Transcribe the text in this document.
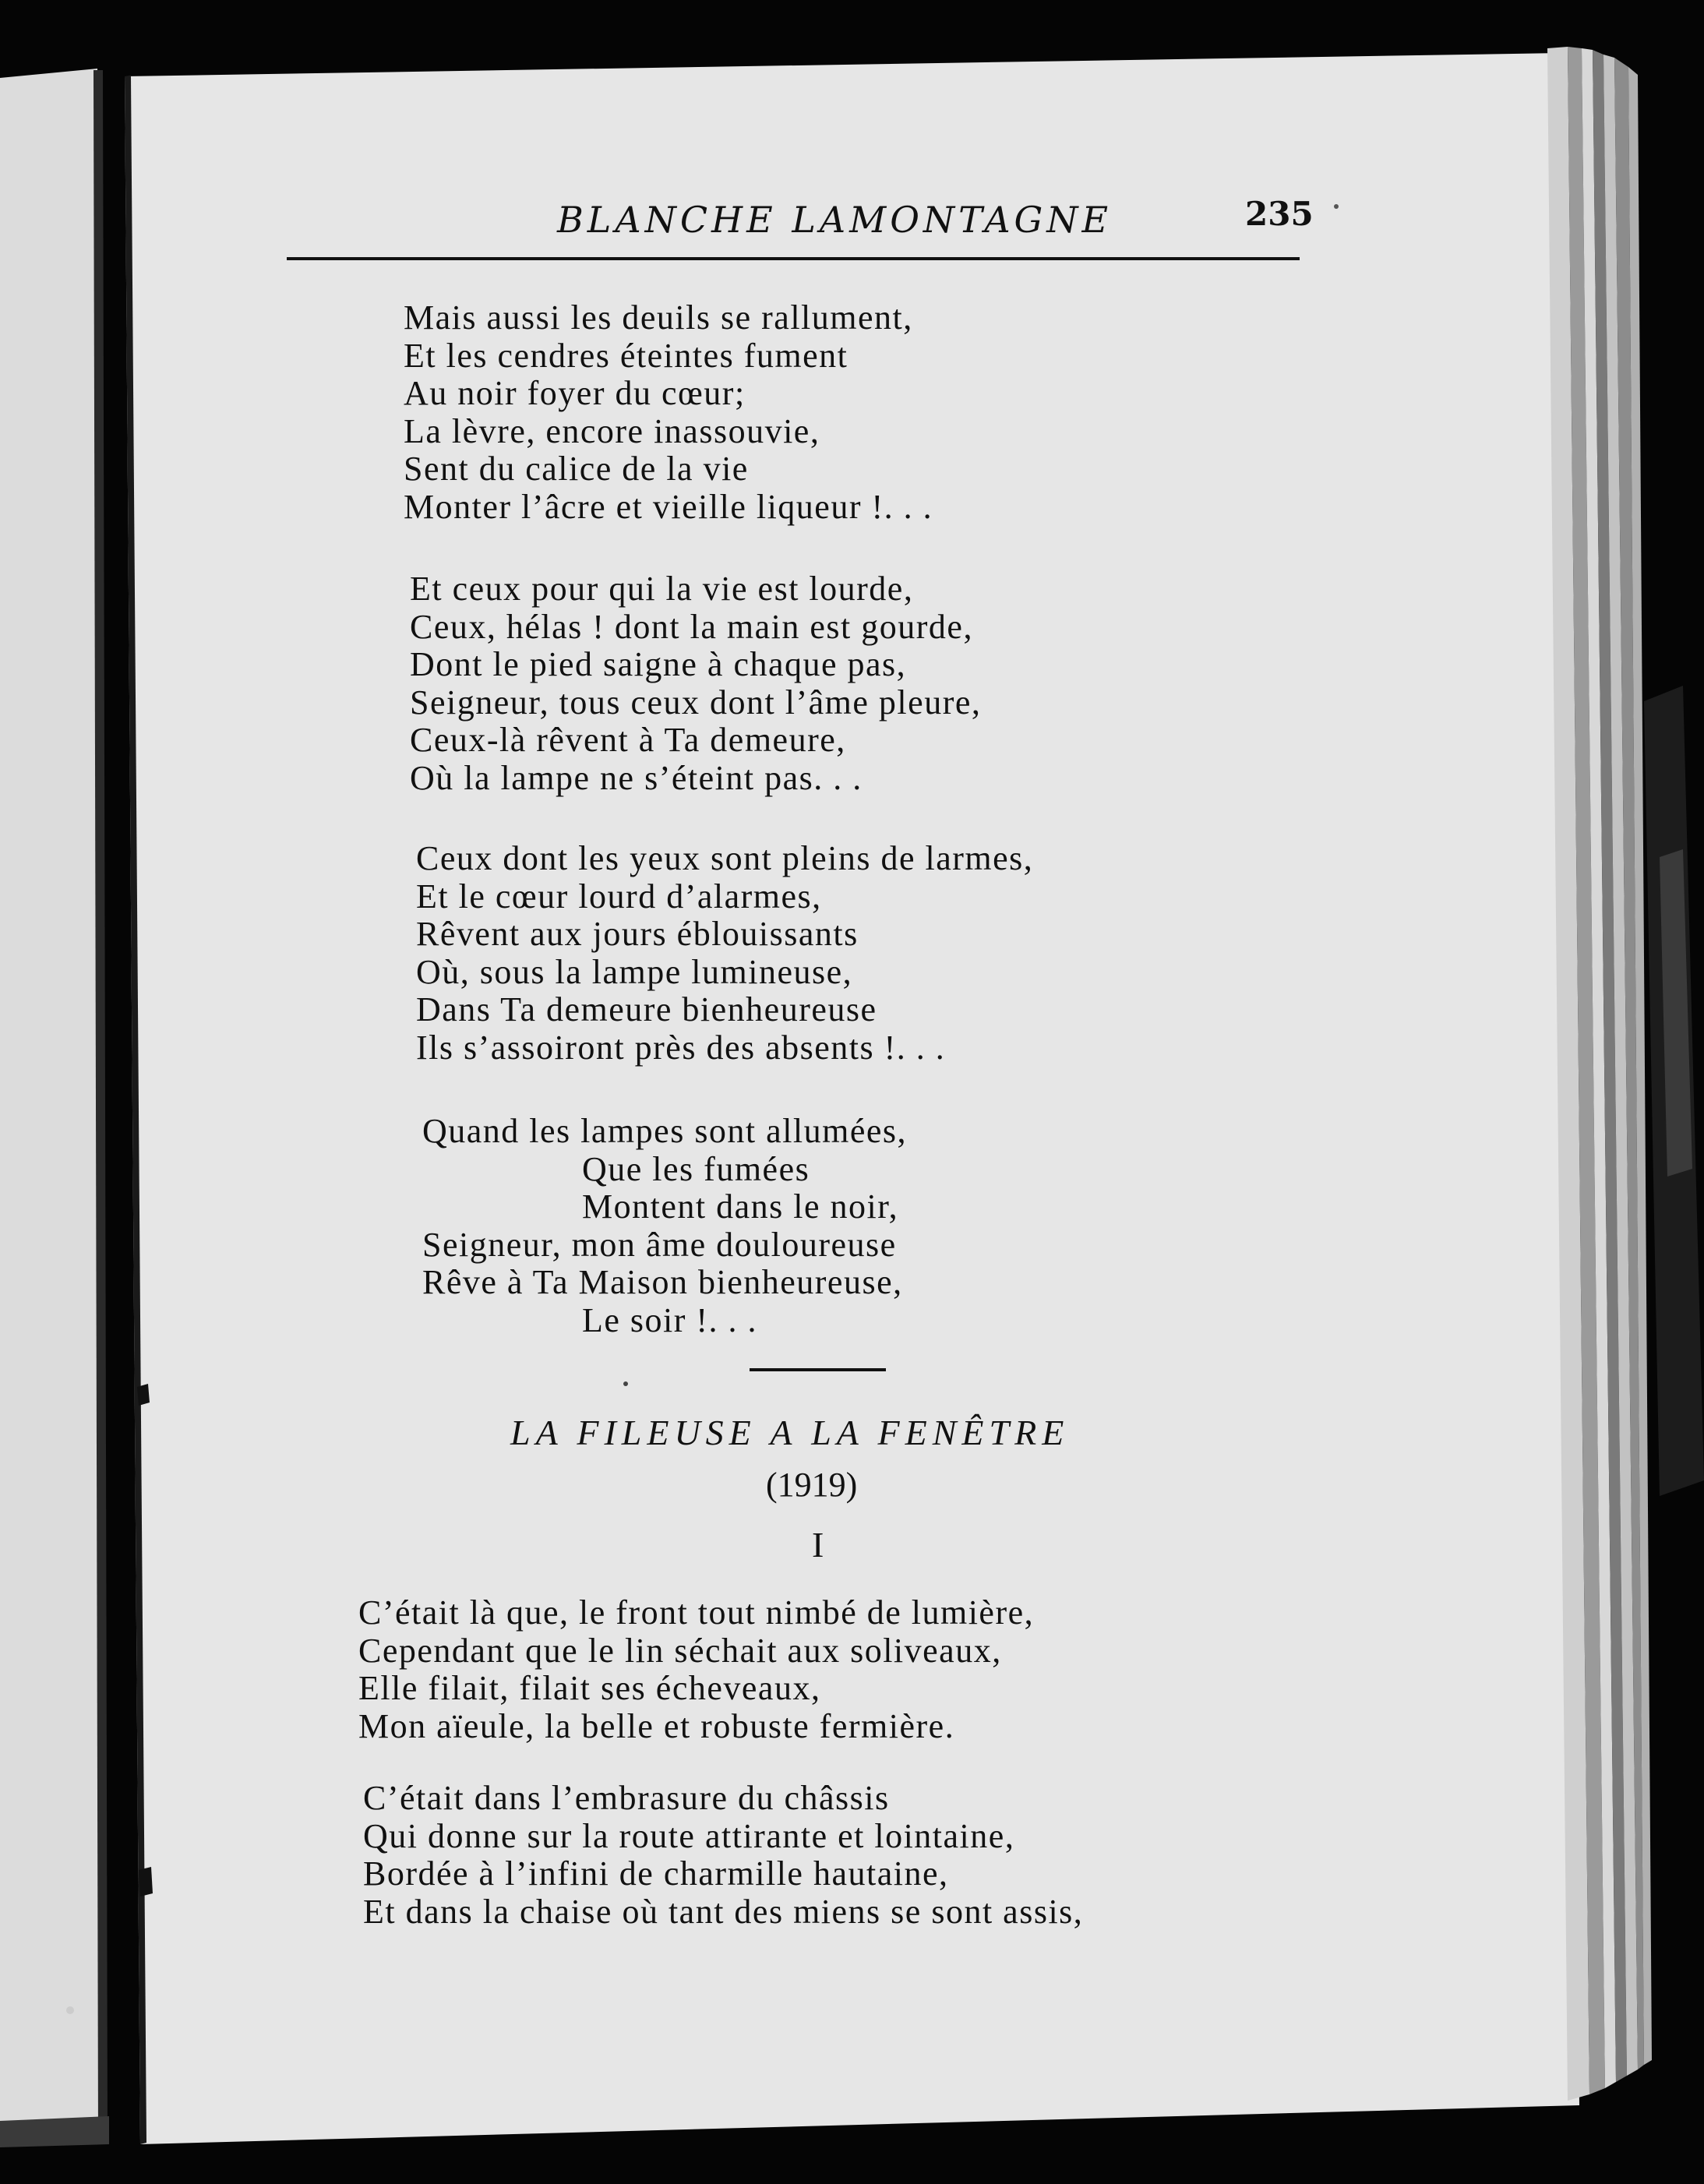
BLANCHE LAMONTAGNE	235
Mais aussi les deuils se rallument,
Et les cendres éteintes fument
Au noir foyer du cœur;
La lèvre, encore inassouvie,
Sent du calice de la vie
Monter l’âcre et vieille liqueur !. . .
Et ceux pour qui la vie est lourde,
Ceux, hélas ! dont la main est gourde,
Dont le pied saigne à chaque pas,
Seigneur, tous ceux dont l’âme pleure,
Ceux-là rêvent à Ta demeure,
Où la lampe ne s’éteint pas. . .
Ceux dont les yeux sont pleins de larmes,
Et le cœur lourd d’alarmes,
Rêvent aux jours éblouissants
Où, sous la lampe lumineuse,
Dans Ta demeure bienheureuse
Ils s’assoiront près des absents !. . .
Quand les lampes sont allumées,
Que les fumées
Montent dans le noir,
Seigneur, mon âme douloureuse
Rêve à Ta Maison bienheureuse,
Le soir !. . .
LA FILEUSE A LA FENÊTRE
(1919)
I
C’était là que, le front tout nimbé de lumière,
Cependant que le lin séchait aux soliveaux,
Elle filait, filait ses écheveaux,
Mon aïeule, la belle et robuste fermière.
C’était dans l’embrasure du châssis
Qui donne sur la route attirante et lointaine,
Bordée à l’infini de charmille hautaine,
Et dans la chaise où tant des miens se sont assis,
